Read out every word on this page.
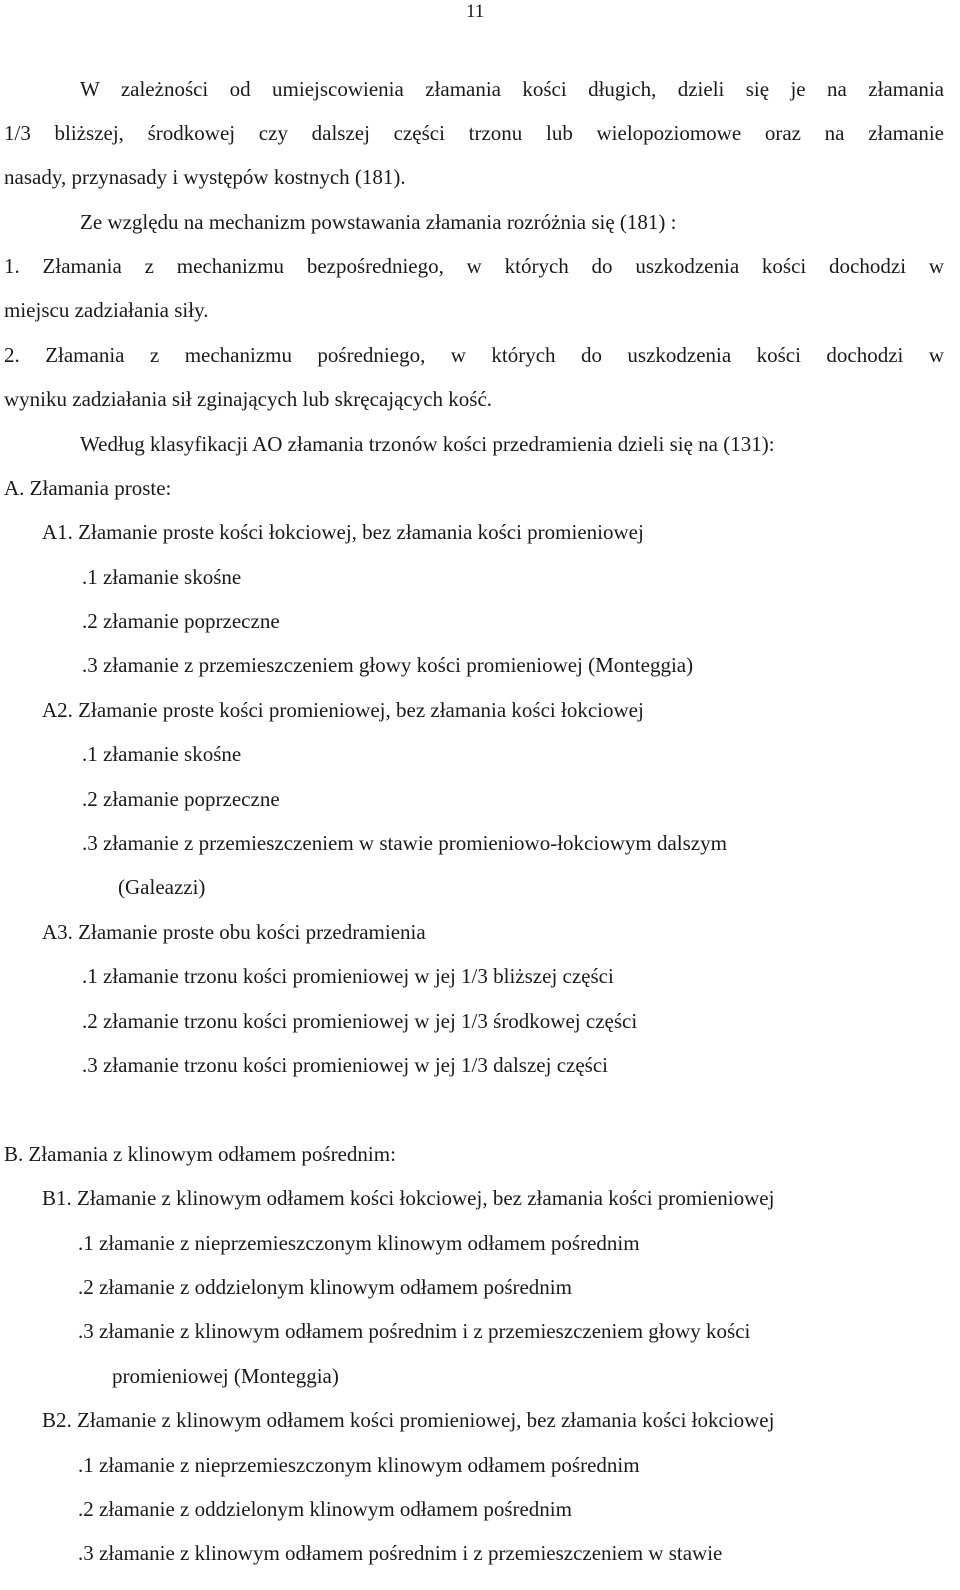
11
W zależności od umiejscowienia złamania kości długich, dzieli się je na złamania
1/3 bliższej, środkowej czy dalszej części trzonu lub wielopoziomowe oraz na złamanie
nasady, przynasady i występów kostnych (181).
Ze względu na mechanizm powstawania złamania rozróżnia się (181) :
1. Złamania z mechanizmu bezpośredniego, w których do uszkodzenia kości dochodzi w
miejscu zadziałania siły.
2. Złamania z mechanizmu pośredniego, w których do uszkodzenia kości dochodzi w
wyniku zadziałania sił zginających lub skręcających kość.
Według klasyfikacji AO złamania trzonów kości przedramienia dzieli się na (131):
A. Złamania proste:
A1. Złamanie proste kości łokciowej, bez złamania kości promieniowej
.1 złamanie skośne
.2 złamanie poprzeczne
.3 złamanie z przemieszczeniem głowy kości promieniowej (Monteggia)
A2. Złamanie proste kości promieniowej, bez złamania kości łokciowej
.1 złamanie skośne
.2 złamanie poprzeczne
.3 złamanie z przemieszczeniem w stawie promieniowo-łokciowym dalszym
(Galeazzi)
A3. Złamanie proste obu kości przedramienia
.1 złamanie trzonu kości promieniowej w jej 1/3 bliższej części
.2 złamanie trzonu kości promieniowej w jej 1/3 środkowej części
.3 złamanie trzonu kości promieniowej w jej 1/3 dalszej części
B. Złamania z klinowym odłamem pośrednim:
B1. Złamanie z klinowym odłamem kości łokciowej, bez złamania kości promieniowej
.1 złamanie z nieprzemieszczonym klinowym odłamem pośrednim
.2 złamanie z oddzielonym klinowym odłamem pośrednim
.3 złamanie z klinowym odłamem pośrednim i z przemieszczeniem głowy kości
promieniowej (Monteggia)
B2. Złamanie z klinowym odłamem kości promieniowej, bez złamania kości łokciowej
.1 złamanie z nieprzemieszczonym klinowym odłamem pośrednim
.2 złamanie z oddzielonym klinowym odłamem pośrednim
.3 złamanie z klinowym odłamem pośrednim i z przemieszczeniem w stawie
